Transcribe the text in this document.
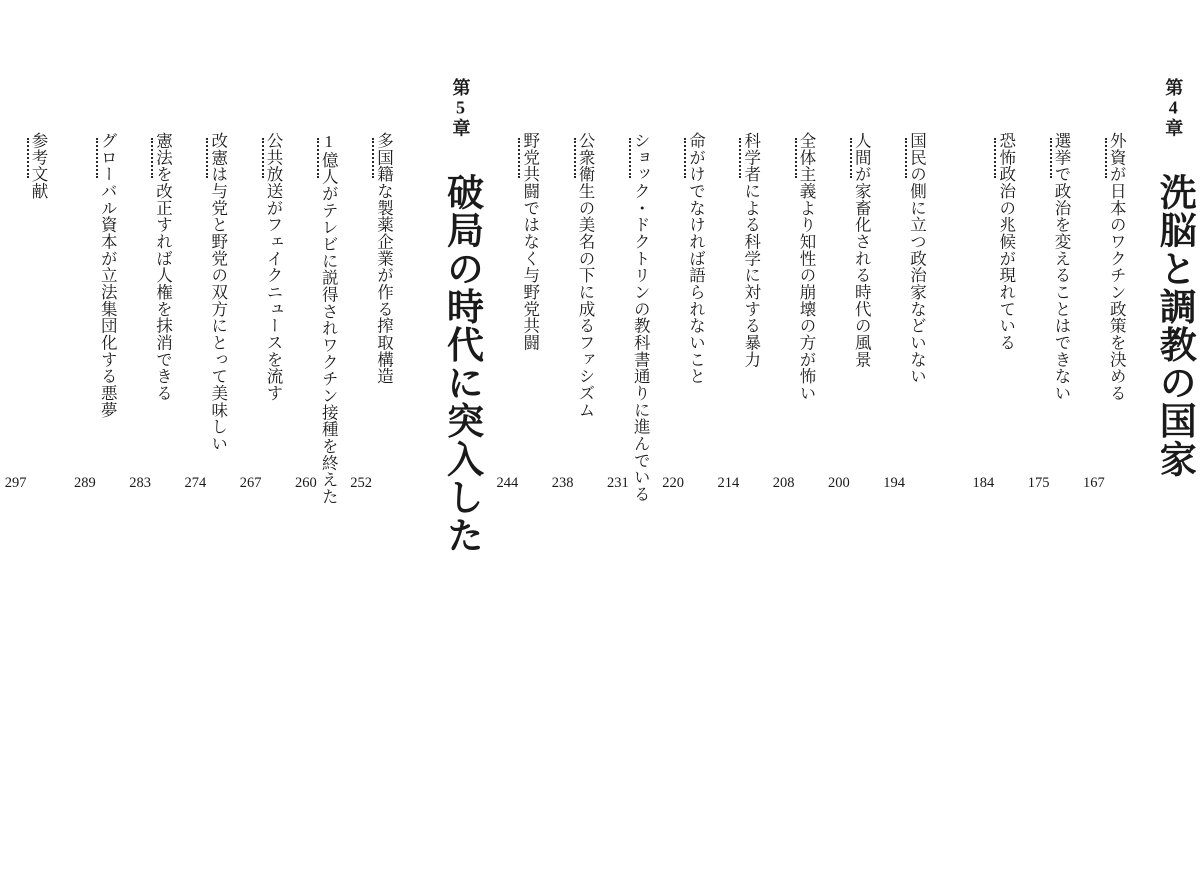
第5章 破局の時代に突入した
多国籍な製薬企業が作る搾取構造
252
1億人がテレビに説得されワクチン接種を終えた
260
公共放送がフェイクニュースを流す
267
改憲は与党と野党の双方にとって美味しい
274
憲法を改正すれば人権を抹消できる
283
グローバル資本が立法集団化する悪夢
289
参考文献
297
第4章 洗脳と調教の国家
外資が日本のワクチン政策を決める
167
選挙で政治を変えることはできない
175
恐怖政治の兆候が現れている
184
国民の側に立つ政治家などいない
194
人間が家畜化される時代の風景
200
全体主義より知性の崩壊の方が怖い
208
科学者による科学に対する暴力
214
命がけでなければ語られないこと
220
ショック・ドクトリンの教科書通りに進んでいる
231
公衆衛生の美名の下に成るファシズム
238
野党共闘ではなく与野党共闘
244
